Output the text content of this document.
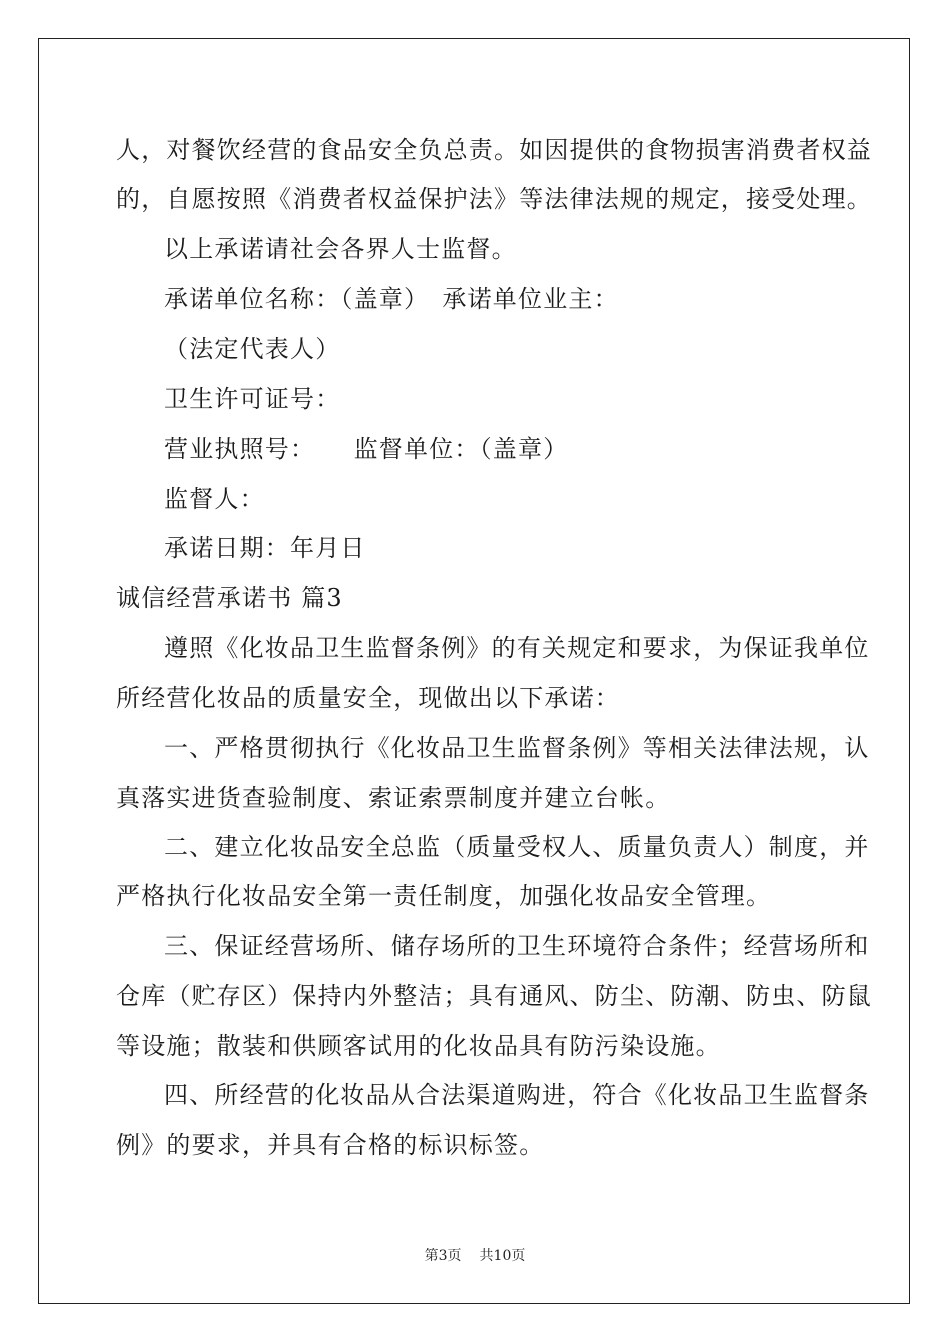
人，对餐饮经营的食品安全负总责。如因提供的食物损害消费者权益
的，自愿按照《消费者权益保护法》等法律法规的规定，接受处理。
以上承诺请社会各界人士监督。
承诺单位名称：（盖章）　承诺单位业主：
（法定代表人）
卫生许可证号：
营业执照号：　　监督单位：（盖章）
监督人：
承诺日期：年月日
诚信经营承诺书 篇3
遵照《化妆品卫生监督条例》的有关规定和要求，为保证我单位
所经营化妆品的质量安全，现做出以下承诺：
一、严格贯彻执行《化妆品卫生监督条例》等相关法律法规，认
真落实进货查验制度、索证索票制度并建立台帐。
二、建立化妆品安全总监（质量受权人、质量负责人）制度，并
严格执行化妆品安全第一责任制度，加强化妆品安全管理。
三、保证经营场所、储存场所的卫生环境符合条件；经营场所和
仓库（贮存区）保持内外整洁；具有通风、防尘、防潮、防虫、防鼠
等设施；散装和供顾客试用的化妆品具有防污染设施。
四、所经营的化妆品从合法渠道购进，符合《化妆品卫生监督条
例》的要求，并具有合格的标识标签。
第3页 共10页
